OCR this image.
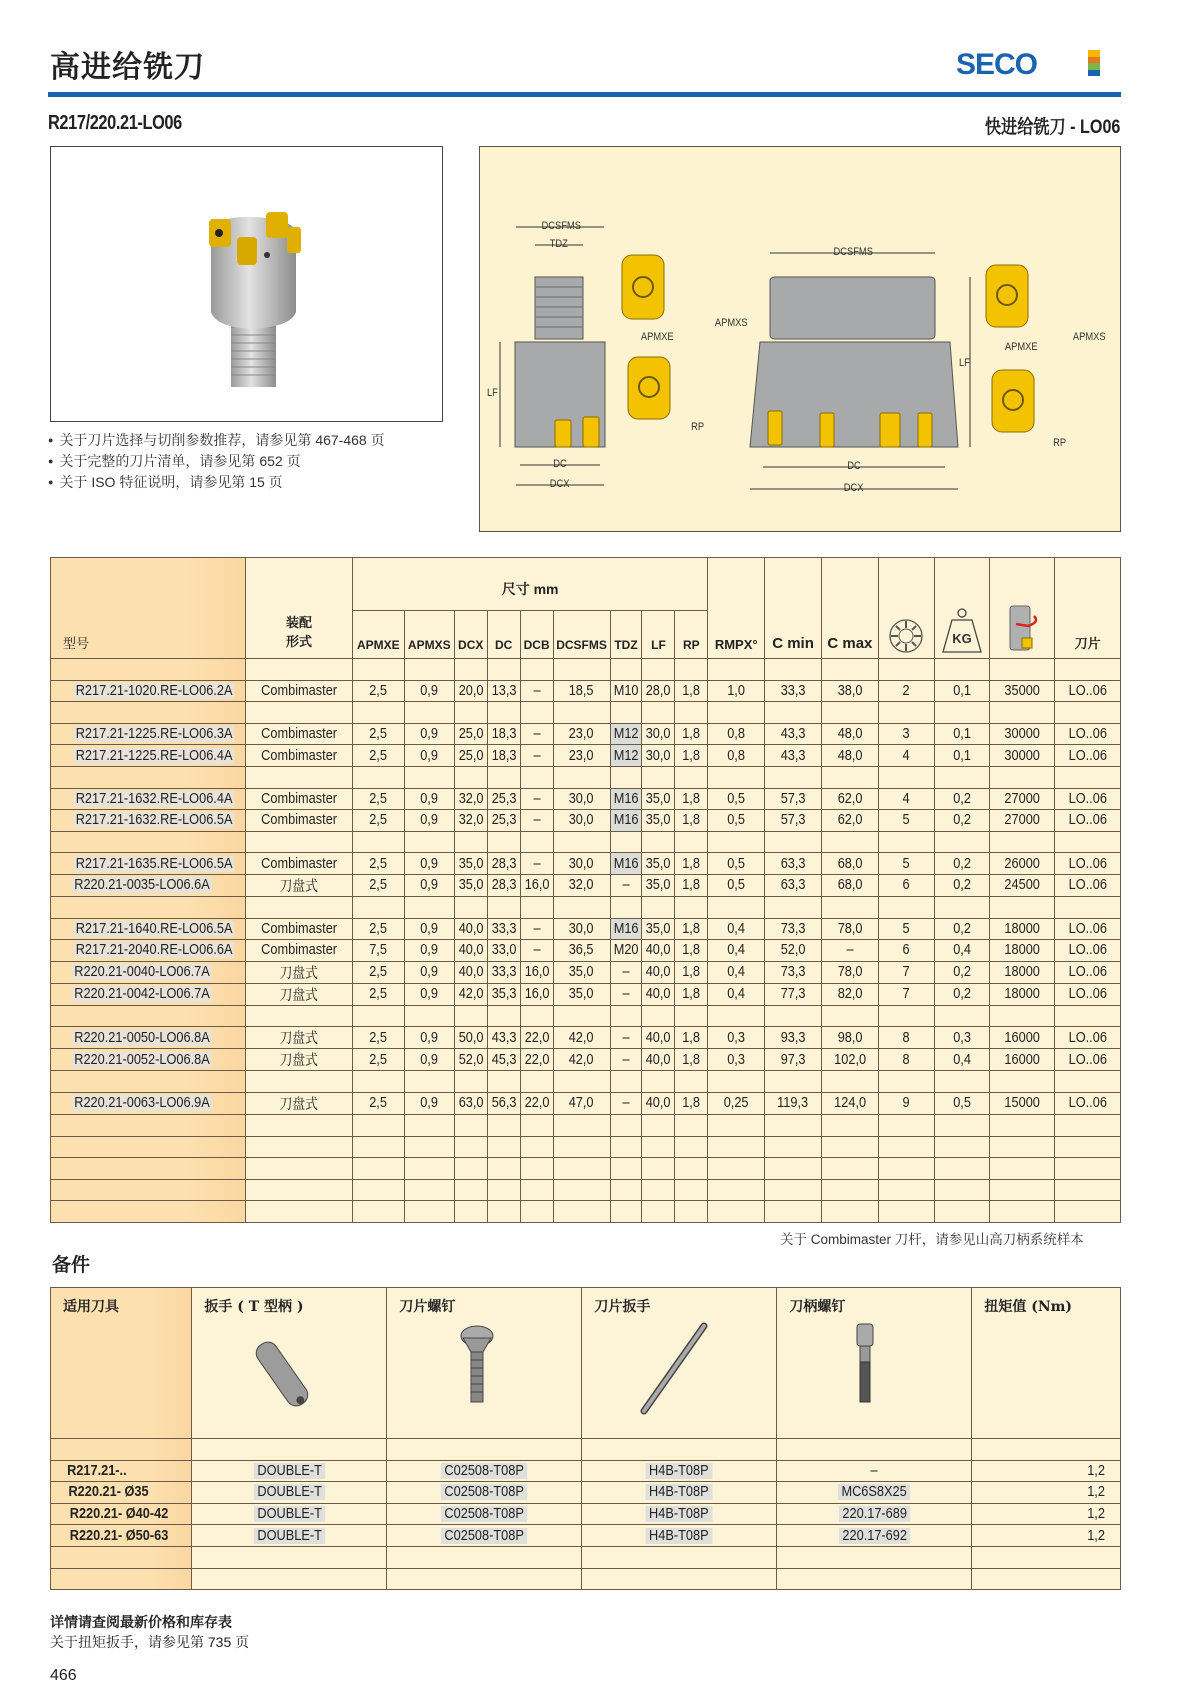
高进给铣刀	SECO
R217/220.21-LO06	快进给铣刀 - LO06
● 关于刀片选择与切削参数推荐，请参见第 467-468 页
● 关于完整的刀片清单，请参见第 652 页
● 关于 ISO 特征说明，请参见第 15 页
DCSFMS
TDZ
LF
DC
DCX
APMXS
APMXE
RP
DCSFMS
LF
DC
DCX
APMXS
APMXE
RP
型号	装配
形式	尺寸 mm									RMPX°	C min	C max		KG		刀片
		APMXE	APMXS	DCX	DC	DCB	DCSFMS	TDZ	LF	RP							

R217.21-1020.RE-LO06.2A	Combimaster	2,5	0,9	20,0	13,3	–	18,5	M10	28,0	1,8	1,0	33,3	38,0	2	0,1	35000	LO..06

R217.21-1225.RE-LO06.3A	Combimaster	2,5	0,9	25,0	18,3	–	23,0	M12	30,0	1,8	0,8	43,3	48,0	3	0,1	30000	LO..06
R217.21-1225.RE-LO06.4A	Combimaster	2,5	0,9	25,0	18,3	–	23,0	M12	30,0	1,8	0,8	43,3	48,0	4	0,1	30000	LO..06

R217.21-1632.RE-LO06.4A	Combimaster	2,5	0,9	32,0	25,3	–	30,0	M16	35,0	1,8	0,5	57,3	62,0	4	0,2	27000	LO..06
R217.21-1632.RE-LO06.5A	Combimaster	2,5	0,9	32,0	25,3	–	30,0	M16	35,0	1,8	0,5	57,3	62,0	5	0,2	27000	LO..06

R217.21-1635.RE-LO06.5A	Combimaster	2,5	0,9	35,0	28,3	–	30,0	M16	35,0	1,8	0,5	63,3	68,0	5	0,2	26000	LO..06
R220.21-0035-LO06.6A	刀盘式	2,5	0,9	35,0	28,3	16,0	32,0	–	35,0	1,8	0,5	63,3	68,0	6	0,2	24500	LO..06

R217.21-1640.RE-LO06.5A	Combimaster	2,5	0,9	40,0	33,3	–	30,0	M16	35,0	1,8	0,4	73,3	78,0	5	0,2	18000	LO..06
R217.21-2040.RE-LO06.6A	Combimaster	7,5	0,9	40,0	33,0	–	36,5	M20	40,0	1,8	0,4	52,0	–	6	0,4	18000	LO..06
R220.21-0040-LO06.7A	刀盘式	2,5	0,9	40,0	33,3	16,0	35,0	–	40,0	1,8	0,4	73,3	78,0	7	0,2	18000	LO..06
R220.21-0042-LO06.7A	刀盘式	2,5	0,9	42,0	35,3	16,0	35,0	–	40,0	1,8	0,4	77,3	82,0	7	0,2	18000	LO..06

R220.21-0050-LO06.8A	刀盘式	2,5	0,9	50,0	43,3	22,0	42,0	–	40,0	1,8	0,3	93,3	98,0	8	0,3	16000	LO..06
R220.21-0052-LO06.8A	刀盘式	2,5	0,9	52,0	45,3	22,0	42,0	–	40,0	1,8	0,3	97,3	102,0	8	0,4	16000	LO..06

R220.21-0063-LO06.9A	刀盘式	2,5	0,9	63,0	56,3	22,0	47,0	–	40,0	1,8	0,25	119,3	124,0	9	0,5	15000	LO..06

关于 Combimaster 刀杆，请参见山高刀柄系统样本
备件
适用刀具	扳手 ( T 型柄 )	刀片螺钉	刀片扳手	刀柄螺钉	扭矩值 (Nm)

R217.21-..	DOUBLE-T	C02508-T08P	H4B-T08P	–	1,2
R220.21- Ø35	DOUBLE-T	C02508-T08P	H4B-T08P	MC6S8X25	1,2
R220.21- Ø40-42	DOUBLE-T	C02508-T08P	H4B-T08P	220.17-689	1,2
R220.21- Ø50-63	DOUBLE-T	C02508-T08P	H4B-T08P	220.17-692	1,2

详情请查阅最新价格和库存表
关于扭矩扳手，请参见第 735 页
466
